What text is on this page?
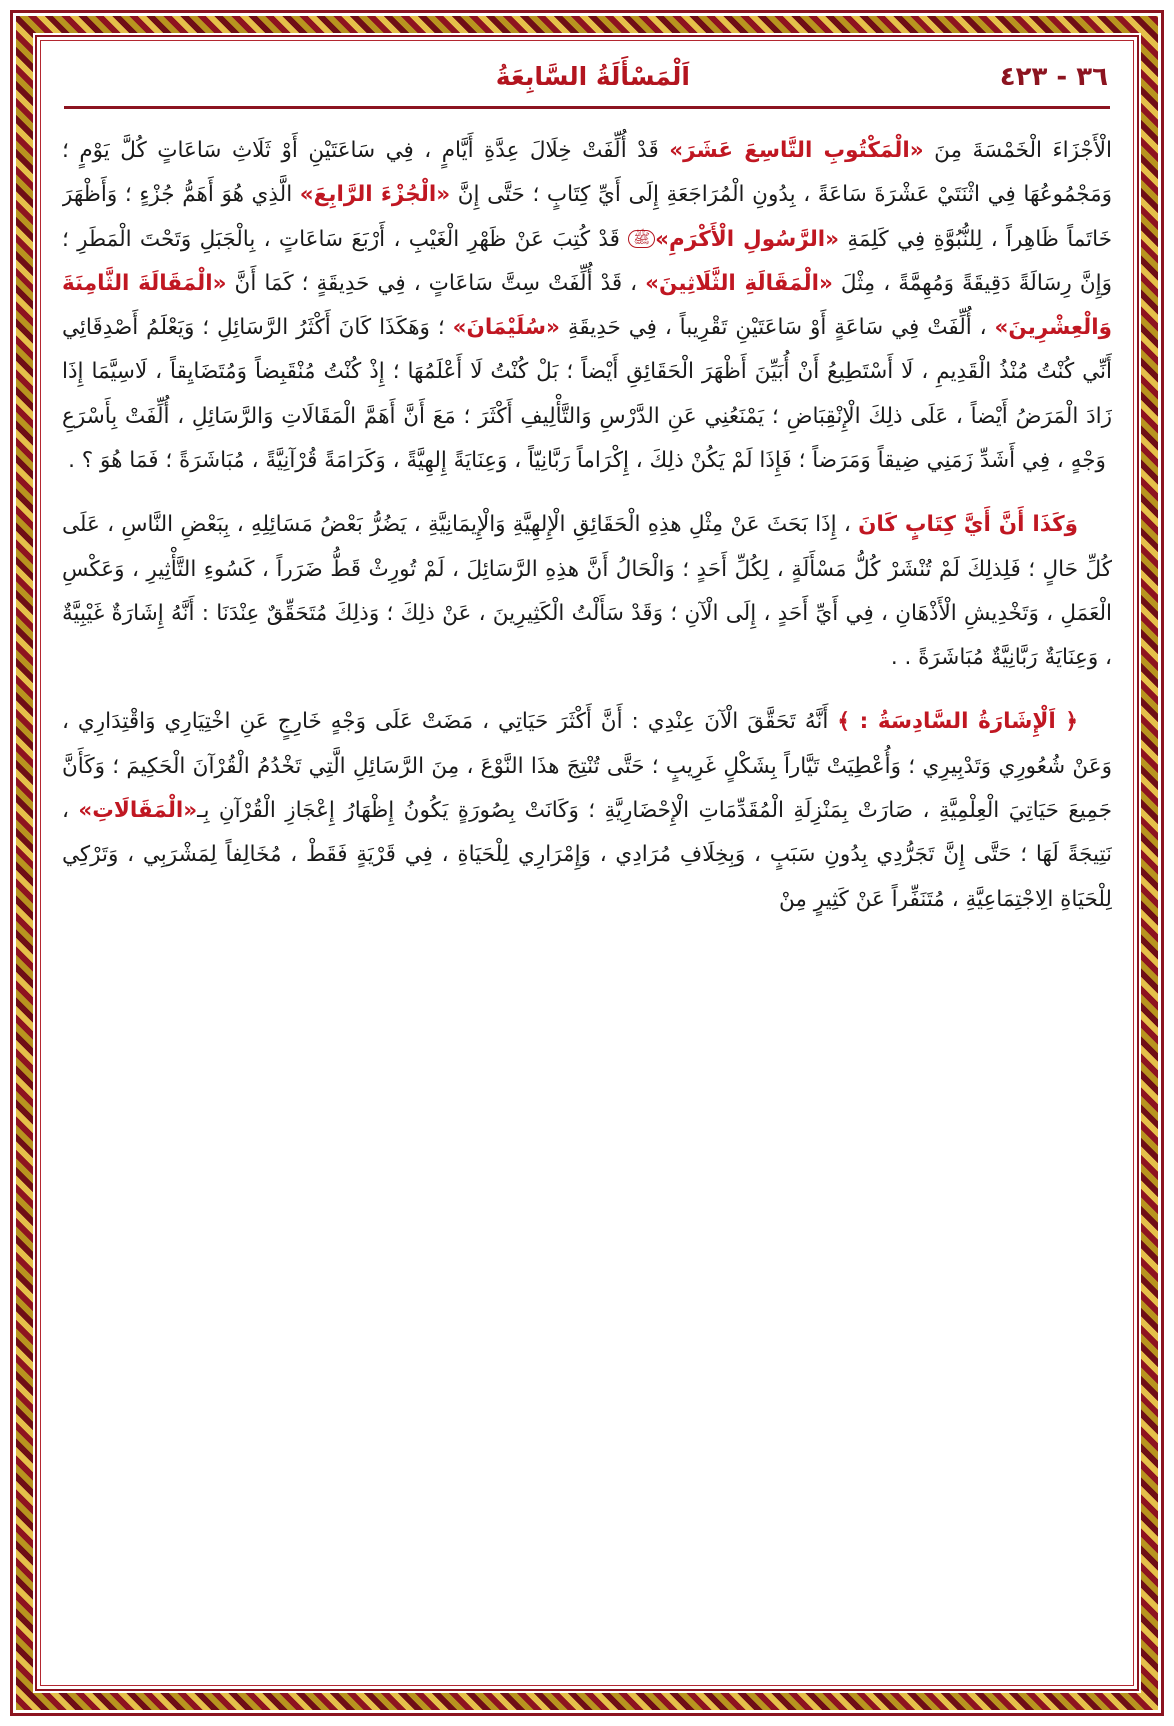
٣٦ - ٤٢٣
اَلْمَسْأَلَةُ السَّابِعَةُ

الْأَجْزَاءَ الْخَمْسَةَ مِنَ «الْمَكْتُوبِ التَّاسِعَ عَشَرَ» قَدْ أُلِّفَتْ خِلَالَ عِدَّةِ أَيَّامٍ ، فِي سَاعَتَيْنِ أَوْ ثَلَاثِ سَاعَاتٍ كُلَّ يَوْمٍ ؛ وَمَجْمُوعُهَا فِي اثْنَتَيْ عَشْرَةَ سَاعَةً ، بِدُونِ الْمُرَاجَعَةِ إِلَى أَيِّ كِتَابٍ ؛ حَتَّى إِنَّ «الْجُزْءَ الرَّابِعَ» الَّذِي هُوَ أَهَمُّ جُزْءٍ ؛ وَأَظْهَرَ خَاتَماً ظَاهِراً ، لِلنُّبُوَّةِ فِي كَلِمَةِ «الرَّسُولِ الْأَكْرَمِ»ﷺ قَدْ كُتِبَ عَنْ ظَهْرِ الْغَيْبِ ، أَرْبَعَ سَاعَاتٍ ، بِالْجَبَلِ وَتَحْتَ الْمَطَرِ ؛ وَإِنَّ رِسَالَةً دَقِيقَةً وَمُهِمَّةً ، مِثْلَ «الْمَقَالَةِ الثَّلَاثِينَ» ، قَدْ أُلِّفَتْ سِتَّ سَاعَاتٍ ، فِي حَدِيقَةٍ ؛ كَمَا أَنَّ «الْمَقَالَةَ الثَّامِنَةَ وَالْعِشْرِينَ» ، أُلِّفَتْ فِي سَاعَةٍ أَوْ سَاعَتَيْنِ تَقْرِيباً ، فِي حَدِيقَةِ «سُلَيْمَانَ» ؛ وَهَكَذَا كَانَ أَكْثَرُ الرَّسَائِلِ ؛ وَيَعْلَمُ أَصْدِقَائِي أَنِّي كُنْتُ مُنْذُ الْقَدِيمِ ، لَا أَسْتَطِيعُ أَنْ أُبَيِّنَ أَظْهَرَ الْحَقَائِقِ أَيْضاً ؛ بَلْ كُنْتُ لَا أَعْلَمُهَا ؛ إِذْ كُنْتُ مُنْقَبِضاً وَمُتَضَايِقاً ، لَاسِيَّمَا إِذَا زَادَ الْمَرَضُ أَيْضاً ، عَلَى ذلِكَ الْإِنْقِبَاضِ ؛ يَمْنَعُنِي عَنِ الدَّرْسِ وَالتَّأْلِيفِ أَكْثَرَ ؛ مَعَ أَنَّ أَهَمَّ الْمَقَالَاتِ وَالرَّسَائِلِ ، أُلِّفَتْ بِأَسْرَعِ وَجْهٍ ، فِي أَشَدِّ زَمَنِي ضِيقاً وَمَرَضاً ؛ فَإِذَا لَمْ يَكُنْ ذلِكَ ، إِكْرَاماً رَبَّانِيّاً ، وَعِنَايَةً إِلهِيَّةً ، وَكَرَامَةً قُرْآنِيَّةً ، مُبَاشَرَةً ؛ فَمَا هُوَ ؟ .

وَكَذَا أَنَّ أَيَّ كِتَابٍ كَانَ ، إِذَا بَحَثَ عَنْ مِثْلِ هذِهِ الْحَقَائِقِ الْإِلهِيَّةِ وَالْإِيمَانِيَّةِ ، يَضُرُّ بَعْضُ مَسَائِلِهِ ، بِبَعْضِ النَّاسِ ، عَلَى كُلِّ حَالٍ ؛ فَلِذلِكَ لَمْ تُنْشَرْ كُلُّ مَسْأَلَةٍ ، لِكُلِّ أَحَدٍ ؛ وَالْحَالُ أَنَّ هذِهِ الرَّسَائِلَ ، لَمْ تُورِثْ قَطُّ ضَرَراً ، كَسُوءِ التَّأْثِيرِ ، وَعَكْسِ الْعَمَلِ ، وَتَخْدِيشِ الْأَذْهَانِ ، فِي أَيِّ أَحَدٍ ، إِلَى الْآنِ ؛ وَقَدْ سَأَلْتُ الْكَثِيرِينَ ، عَنْ ذلِكَ ؛ وَذلِكَ مُتَحَقِّقٌ عِنْدَنَا : أَنَّهُ إِشَارَةٌ غَيْبِيَّةٌ ، وَعِنَايَةٌ رَبَّانِيَّةٌ مُبَاشَرَةً . .

﴿ اَلْإِشَارَةُ السَّادِسَةُ : ﴾ أَنَّهُ تَحَقَّقَ الْآنَ عِنْدِي : أَنَّ أَكْثَرَ حَيَاتِي ، مَضَتْ عَلَى وَجْهٍ خَارِجٍ عَنِ اخْتِيَارِي وَاقْتِدَارِي ، وَعَنْ شُعُورِي وَتَدْبِيرِي ؛ وَأُعْطِيَتْ تَيَّاراً بِشَكْلٍ غَرِيبٍ ؛ حَتَّى تُنْتِجَ هذَا النَّوْعَ ، مِنَ الرَّسَائِلِ الَّتِي تَخْدُمُ الْقُرْآنَ الْحَكِيمَ ؛ وَكَأَنَّ جَمِيعَ حَيَاتِيَ الْعِلْمِيَّةِ ، صَارَتْ بِمَنْزِلَةِ الْمُقَدِّمَاتِ الْإِحْضَارِيَّةِ ؛ وَكَانَتْ بِصُورَةٍ يَكُونُ إِظْهَارُ إِعْجَازِ الْقُرْآنِ بِـ«الْمَقَالَاتِ» ، نَتِيجَةً لَهَا ؛ حَتَّى إِنَّ تَجَرُّدِي بِدُونِ سَبَبٍ ، وَبِخِلَافِ مُرَادِي ، وَإِمْرَارِي لِلْحَيَاةِ ، فِي قَرْيَةٍ فَقَطْ ، مُخَالِفاً لِمَشْرَبِي ، وَتَرْكِي لِلْحَيَاةِ الِاجْتِمَاعِيَّةِ ، مُتَنَفِّراً عَنْ كَثِيرٍ مِنْ
